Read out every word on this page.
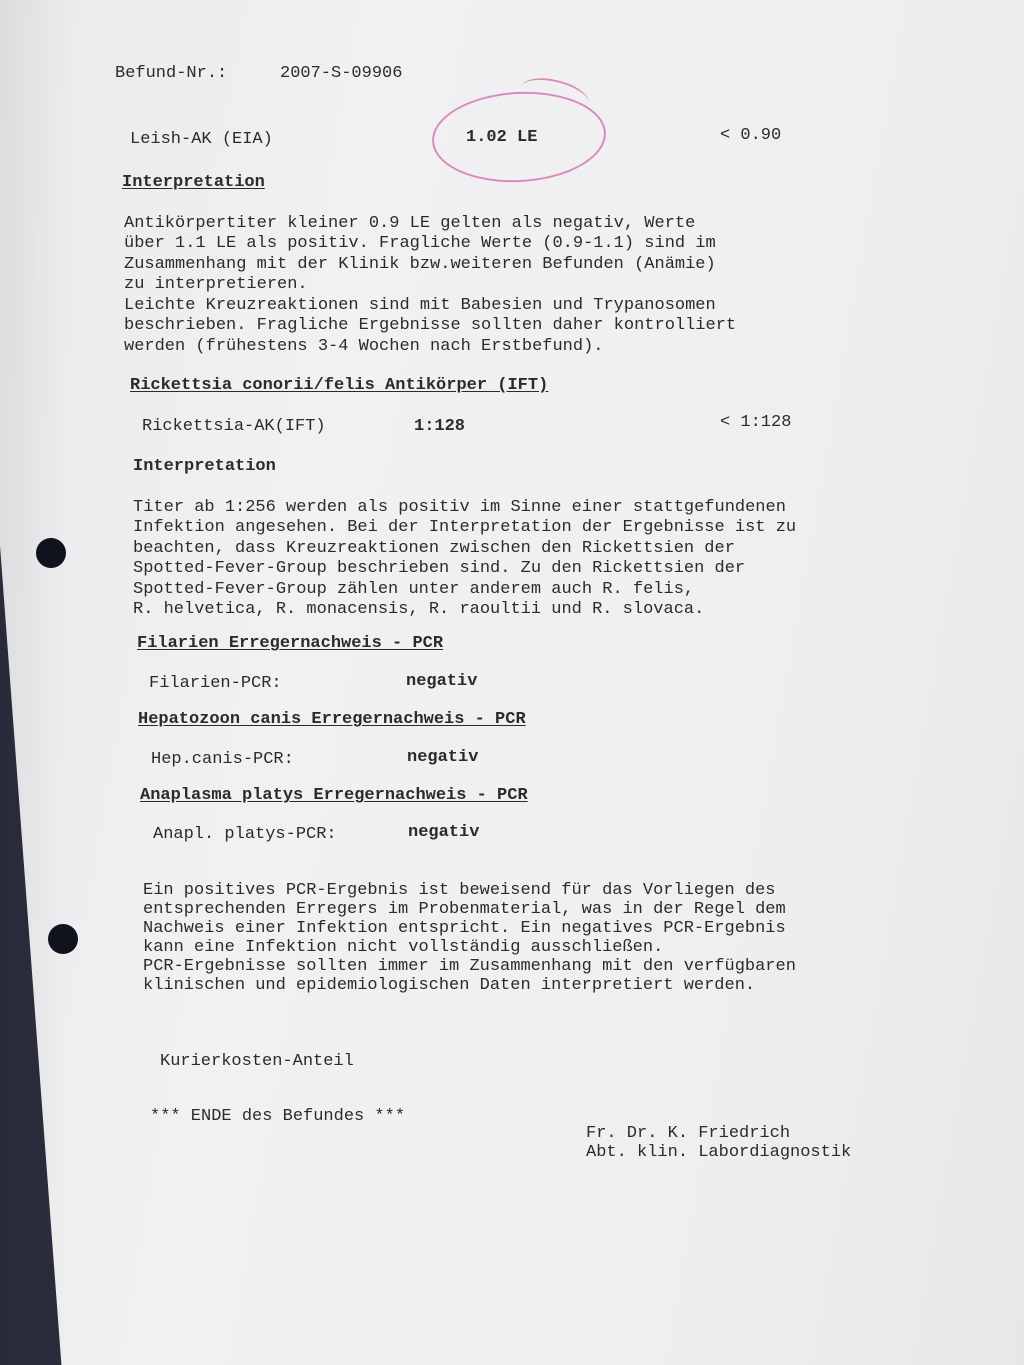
Befund-Nr.:	2007-S-09906
Leish-AK (EIA)	1.02 LE	< 0.90
Interpretation

Antikörpertiter kleiner 0.9 LE gelten als negativ, Werte
über 1.1 LE als positiv. Fragliche Werte (0.9-1.1) sind im
Zusammenhang mit der Klinik bzw.weiteren Befunden (Anämie)
zu interpretieren.
Leichte Kreuzreaktionen sind mit Babesien und Trypanosomen
beschrieben. Fragliche Ergebnisse sollten daher kontrolliert
werden (frühestens 3-4 Wochen nach Erstbefund).

Rickettsia conorii/felis Antikörper (IFT)
Rickettsia-AK(IFT)	1:128	< 1:128
Interpretation

Titer ab 1:256 werden als positiv im Sinne einer stattgefundenen
Infektion angesehen. Bei der Interpretation der Ergebnisse ist zu
beachten, dass Kreuzreaktionen zwischen den Rickettsien der
Spotted-Fever-Group beschrieben sind. Zu den Rickettsien der
Spotted-Fever-Group zählen unter anderem auch R. felis,
R. helvetica, R. monacensis, R. raoultii und R. slovaca.

Filarien Erregernachweis - PCR
Filarien-PCR:	negativ
Hepatozoon canis Erregernachweis - PCR
Hep.canis-PCR:	negativ
Anaplasma platys Erregernachweis - PCR
Anapl. platys-PCR:	negativ

Ein positives PCR-Ergebnis ist beweisend für das Vorliegen des
entsprechenden Erregers im Probenmaterial, was in der Regel dem
Nachweis einer Infektion entspricht. Ein negatives PCR-Ergebnis
kann eine Infektion nicht vollständig ausschließen.
PCR-Ergebnisse sollten immer im Zusammenhang mit den verfügbaren
klinischen und epidemiologischen Daten interpretiert werden.

Kurierkosten-Anteil
*** ENDE des Befundes ***
Fr. Dr. K. Friedrich
Abt. klin. Labordiagnostik
